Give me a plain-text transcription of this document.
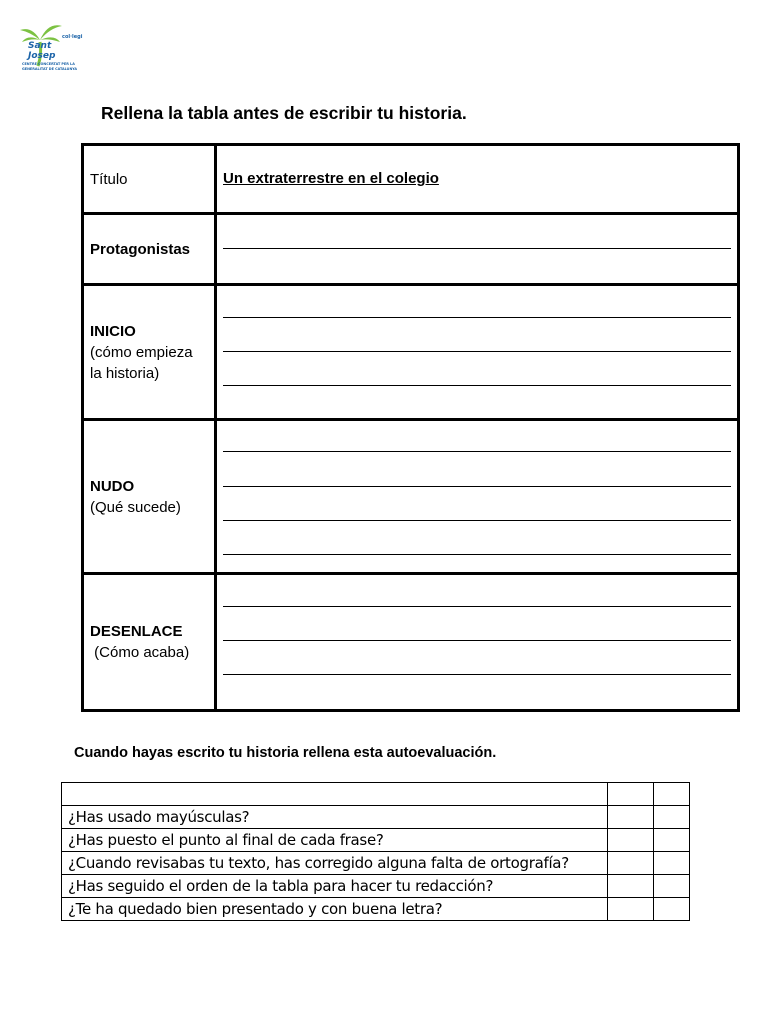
col·legi
Sant Josep
CENTRE CONCERTAT PER LA
GENERALITAT DE CATALUNYA
Rellena la tabla antes de escribir tu historia.
Título	Un extraterrestre en el colegio
Protagonistas	

INICIO
(cómo empieza
la historia)	

NUDO
(Qué sucede)	

DESENLACE
(Cómo acaba)	
Cuando hayas escrito tu historia rellena esta autoevaluación.

¿Has usado mayúsculas?		
¿Has puesto el punto al final de cada frase?		
¿Cuando revisabas tu texto, has corregido alguna falta de ortografía?		
¿Has seguido el orden de la tabla para hacer tu redacción?		
¿Te ha quedado bien presentado y con buena letra?		
